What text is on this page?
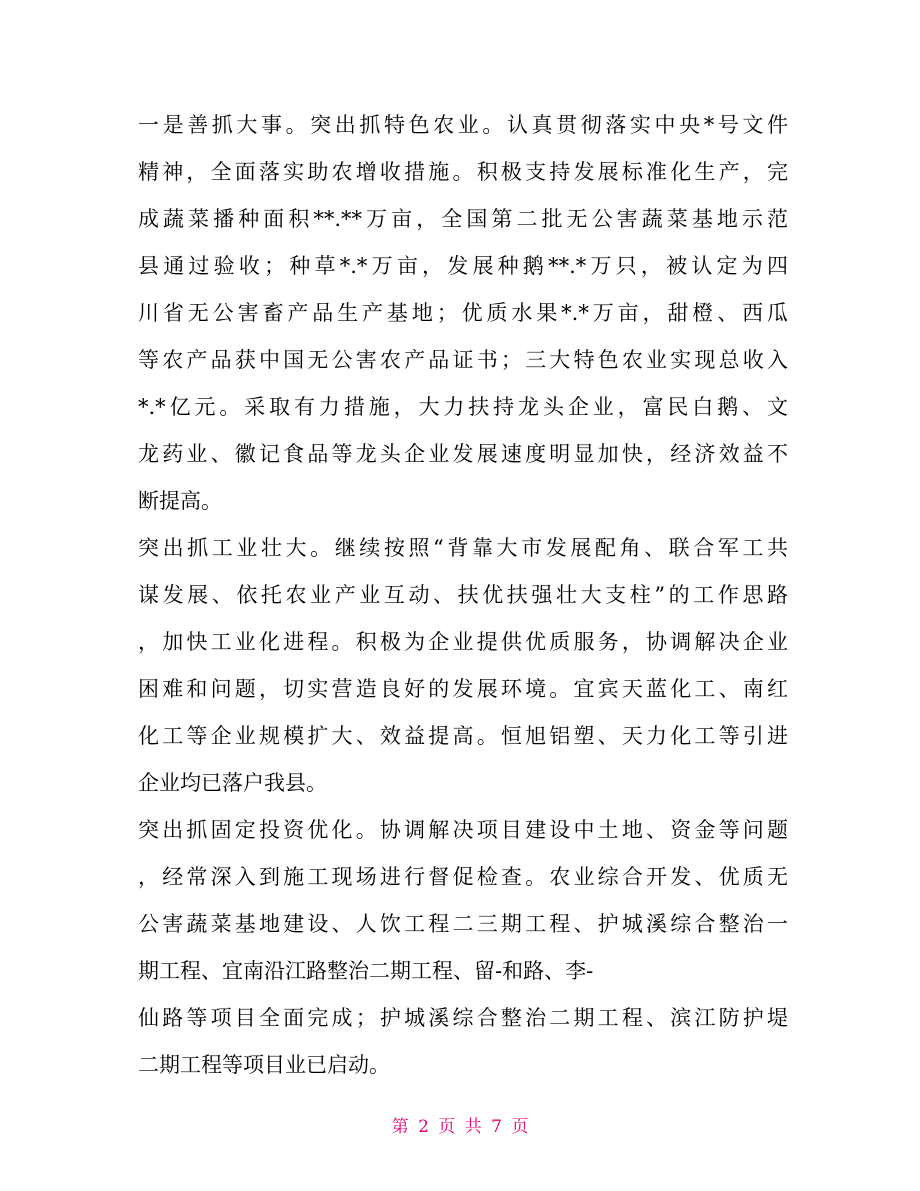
一是善抓大事。突出抓特色农业。认真贯彻落实中央*号文件
精神，全面落实助农增收措施。积极支持发展标准化生产，完
成蔬菜播种面积**.**万亩，全国第二批无公害蔬菜基地示范
县通过验收；种草*.*万亩，发展种鹅**.*万只，被认定为四
川省无公害畜产品生产基地；优质水果*.*万亩，甜橙、西瓜
等农产品获中国无公害农产品证书；三大特色农业实现总收入
*.*亿元。采取有力措施，大力扶持龙头企业，富民白鹅、文
龙药业、徽记食品等龙头企业发展速度明显加快，经济效益不
断提高。
突出抓工业壮大。继续按照“背靠大市发展配角、联合军工共
谋发展、依托农业产业互动、扶优扶强壮大支柱”的工作思路
，加快工业化进程。积极为企业提供优质服务，协调解决企业
困难和问题，切实营造良好的发展环境。宜宾天蓝化工、南红
化工等企业规模扩大、效益提高。恒旭铝塑、天力化工等引进
企业均已落户我县。
突出抓固定投资优化。协调解决项目建设中土地、资金等问题
，经常深入到施工现场进行督促检查。农业综合开发、优质无
公害蔬菜基地建设、人饮工程二三期工程、护城溪综合整治一
期工程、宜南沿江路整治二期工程、留-和路、李-
仙路等项目全面完成；护城溪综合整治二期工程、滨江防护堤
二期工程等项目业已启动。
第 2 页 共 7 页
